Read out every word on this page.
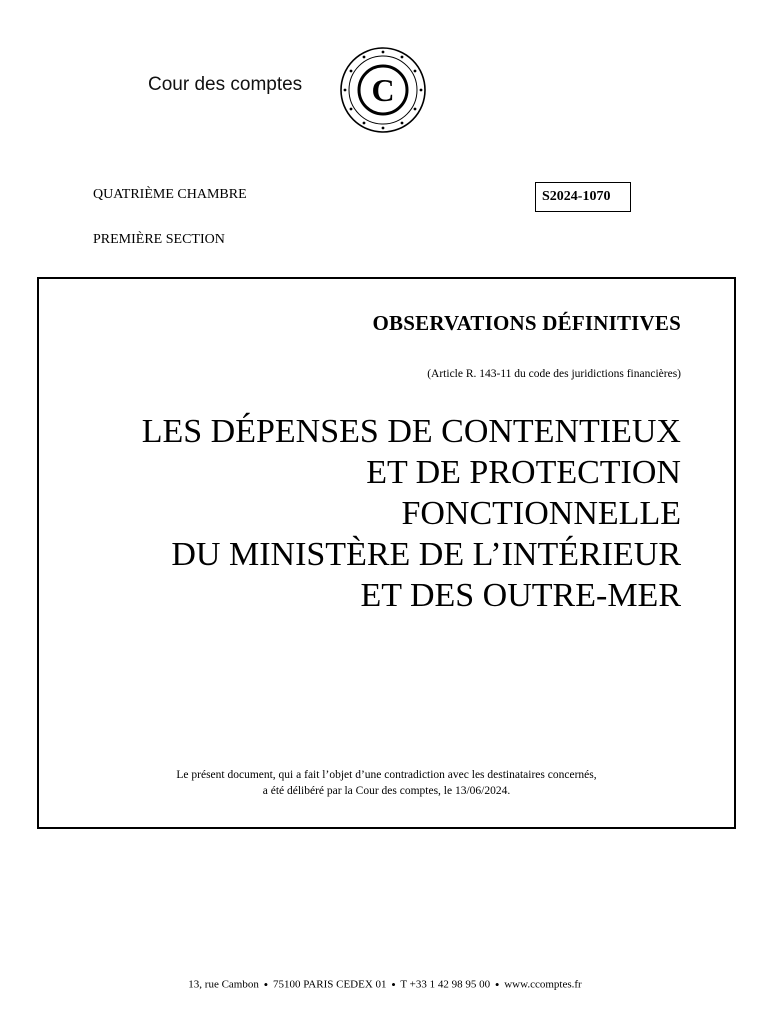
Cour des comptes C
QUATRIÈME CHAMBRE
PREMIÈRE SECTION
S2024-1070
OBSERVATIONS DÉFINITIVES
(Article R. 143-11 du code des juridictions financières)
LES DÉPENSES DE CONTENTIEUX
ET DE PROTECTION
FONCTIONNELLE
DU MINISTÈRE DE L’INTÉRIEUR
ET DES OUTRE-MER
Le présent document, qui a fait l’objet d’une contradiction avec les destinataires concernés,
a été délibéré par la Cour des comptes, le 13/06/2024.
13, rue Cambon • 75100 PARIS CEDEX 01 • T +33 1 42 98 95 00 • www.ccomptes.fr
